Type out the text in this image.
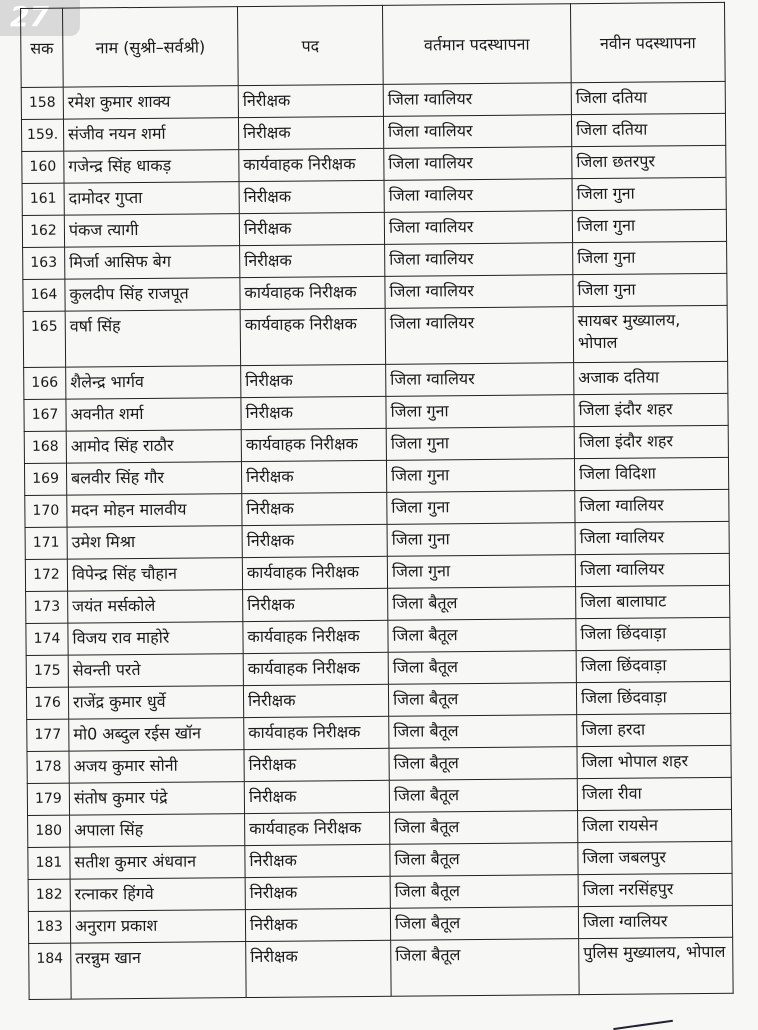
27
सक	नाम (सुश्री–सर्वश्री)	पद	वर्तमान पदस्थापना	नवीन पदस्थापना
158	रमेश कुमार शाक्य	निरीक्षक	जिला ग्वालियर	जिला दतिया
159.	संजीव नयन शर्मा	निरीक्षक	जिला ग्वालियर	जिला दतिया
160	गजेन्द्र सिंह धाकड़	कार्यवाहक निरीक्षक	जिला ग्वालियर	जिला छतरपुर
161	दामोदर गुप्ता	निरीक्षक	जिला ग्वालियर	जिला गुना
162	पंकज त्यागी	निरीक्षक	जिला ग्वालियर	जिला गुना
163	मिर्जा आसिफ बेग	निरीक्षक	जिला ग्वालियर	जिला गुना
164	कुलदीप सिंह राजपूत	कार्यवाहक निरीक्षक	जिला ग्वालियर	जिला गुना
165	वर्षा सिंह	कार्यवाहक निरीक्षक	जिला ग्वालियर	सायबर मुख्यालय, भोपाल

166	शैलेन्द्र भार्गव	निरीक्षक	जिला ग्वालियर	अजाक दतिया
167	अवनीत शर्मा	निरीक्षक	जिला गुना	जिला इंदौर शहर
168	आमोद सिंह राठौर	कार्यवाहक निरीक्षक	जिला गुना	जिला इंदौर शहर
169	बलवीर सिंह गौर	निरीक्षक	जिला गुना	जिला विदिशा
170	मदन मोहन मालवीय	निरीक्षक	जिला गुना	जिला ग्वालियर
171	उमेश मिश्रा	निरीक्षक	जिला गुना	जिला ग्वालियर
172	विपेन्द्र सिंह चौहान	कार्यवाहक निरीक्षक	जिला गुना	जिला ग्वालियर
173	जयंत मर्सकोले	निरीक्षक	जिला बैतूल	जिला बालाघाट
174	विजय राव माहोरे	कार्यवाहक निरीक्षक	जिला बैतूल	जिला छिंदवाड़ा
175	सेवन्ती परते	कार्यवाहक निरीक्षक	जिला बैतूल	जिला छिंदवाड़ा
176	राजेंद्र कुमार धुर्वे	निरीक्षक	जिला बैतूल	जिला छिंदवाड़ा
177	मो0 अब्दुल रईस खॉन	कार्यवाहक निरीक्षक	जिला बैतूल	जिला हरदा
178	अजय कुमार सोनी	निरीक्षक	जिला बैतूल	जिला भोपाल शहर
179	संतोष कुमार पंद्रे	निरीक्षक	जिला बैतूल	जिला रीवा
180	अपाला सिंह	कार्यवाहक निरीक्षक	जिला बैतूल	जिला रायसेन
181	सतीश कुमार अंधवान	निरीक्षक	जिला बैतूल	जिला जबलपुर
182	रत्नाकर हिंगवे	निरीक्षक	जिला बैतूल	जिला नरसिंहपुर
183	अनुराग प्रकाश	निरीक्षक	जिला बैतूल	जिला ग्वालियर
184	तरन्नुम खान	निरीक्षक	जिला बैतूल	पुलिस मुख्यालय, भोपाल
